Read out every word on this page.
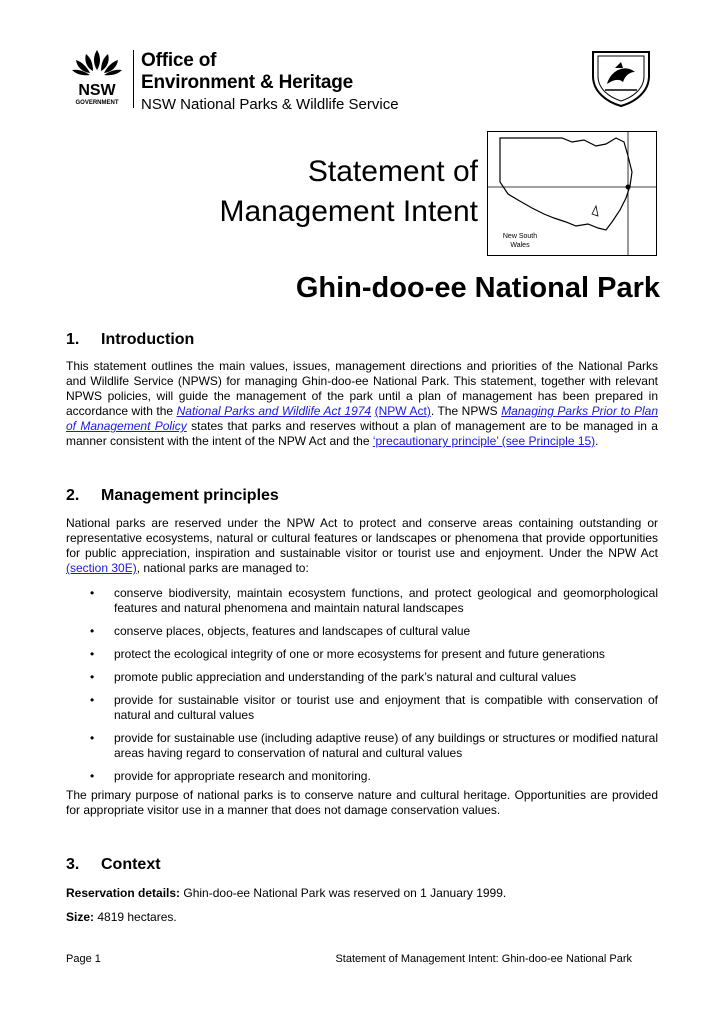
NSW
GOVERNMENT
Office of
Environment & Heritage
NSW National Parks & Wildlife Service
Statement of
Management Intent
New South
Wales
Ghin-doo-ee National Park
1. Introduction

This statement outlines the main values, issues, management directions and priorities of the National Parks and Wildlife Service (NPWS) for managing Ghin-doo-ee National Park. This statement, together with relevant NPWS policies, will guide the management of the park until a plan of management has been prepared in accordance with the National Parks and Wildlife Act 1974 (NPW Act). The NPWS Managing Parks Prior to Plan of Management Policy states that parks and reserves without a plan of management are to be managed in a manner consistent with the intent of the NPW Act and the ‘precautionary principle’ (see Principle 15).

2. Management principles

National parks are reserved under the NPW Act to protect and conserve areas containing outstanding or representative ecosystems, natural or cultural features or landscapes or phenomena that provide opportunities for public appreciation, inspiration and sustainable visitor or tourist use and enjoyment. Under the NPW Act (section 30E), national parks are managed to:

• conserve biodiversity, maintain ecosystem functions, and protect geological and geomorphological features and natural phenomena and maintain natural landscapes
• conserve places, objects, features and landscapes of cultural value
• protect the ecological integrity of one or more ecosystems for present and future generations
• promote public appreciation and understanding of the park’s natural and cultural values
• provide for sustainable visitor or tourist use and enjoyment that is compatible with conservation of natural and cultural values
• provide for sustainable use (including adaptive reuse) of any buildings or structures or modified natural areas having regard to conservation of natural and cultural values
• provide for appropriate research and monitoring.

The primary purpose of national parks is to conserve nature and cultural heritage. Opportunities are provided for appropriate visitor use in a manner that does not damage conservation values.

3. Context
Reservation details: Ghin-doo-ee National Park was reserved on 1 January 1999.
Size: 4819 hectares.
Page 1	Statement of Management Intent: Ghin-doo-ee National Park
